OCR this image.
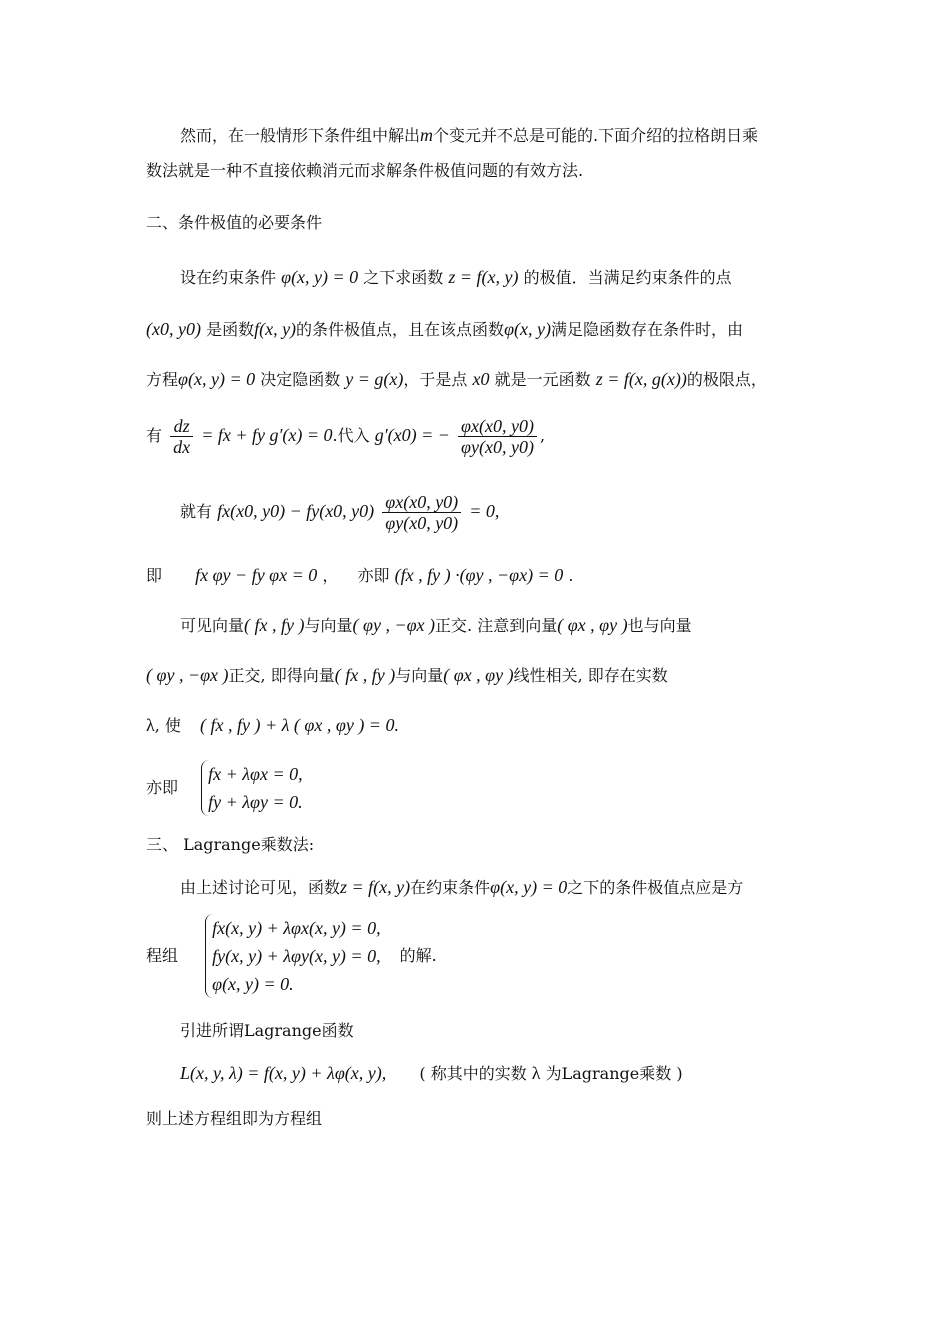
然而，在一般情形下条件组中解出m个变元并不总是可能的.下面介绍的拉格朗日乘
数法就是一种不直接依赖消元而求解条件极值问题的有效方法.
二、条件极值的必要条件
设在约束条件 φ(x, y) = 0 之下求函数 z = f(x, y) 的极值．当满足约束条件的点
(x0, y0) 是函数f(x, y)的条件极值点，且在该点函数φ(x, y)满足隐函数存在条件时，由
方程φ(x, y) = 0 决定隐函数 y = g(x)，于是点 x0 就是一元函数 z = f(x, g(x))的极限点，
有 $\frac{dz}{dx}$ = fx + fy g′(x) = 0.代入 g′(x0) = − $\frac{\varphi x(x0, y0)}{\varphi y(x0, y0)}$ ,
就有 fx(x0, y0) − fy(x0, $y0) \frac{\varphi x(x0, y0)}{\varphi y(x0, y0)} = 0$,
即 fx φy − fy φx = 0 ， 亦即 (fx , fy ) ·(φy , −φx) = 0 .
可见向量( fx , fy )与向量( φy , −φx )正交. 注意到向量( φx , φy )也与向量
( φy , −φx )正交, 即得向量( fx , fy )与向量( φx , φy )线性相关, 即存在实数
λ, 使 ( fx , fy ) + λ ( φx , φy ) = 0.
亦即
fx + λφx = 0,
fy + λφy = 0.
三、 Lagrange乘数法:
由上述讨论可见，函数z = f(x, y)在约束条件φ(x, y) = 0之下的条件极值点应是方
程组
fx(x, y) + λφx(x, y) = 0,
fy(x, y) + λφy(x, y) = 0,
φ(x, y) = 0.
的解.
引进所谓Lagrange函数
L(x, y, λ) = f(x, y) + λφ(x, y), ( 称其中的实数 λ 为Lagrange乘数 )
则上述方程组即为方程组
